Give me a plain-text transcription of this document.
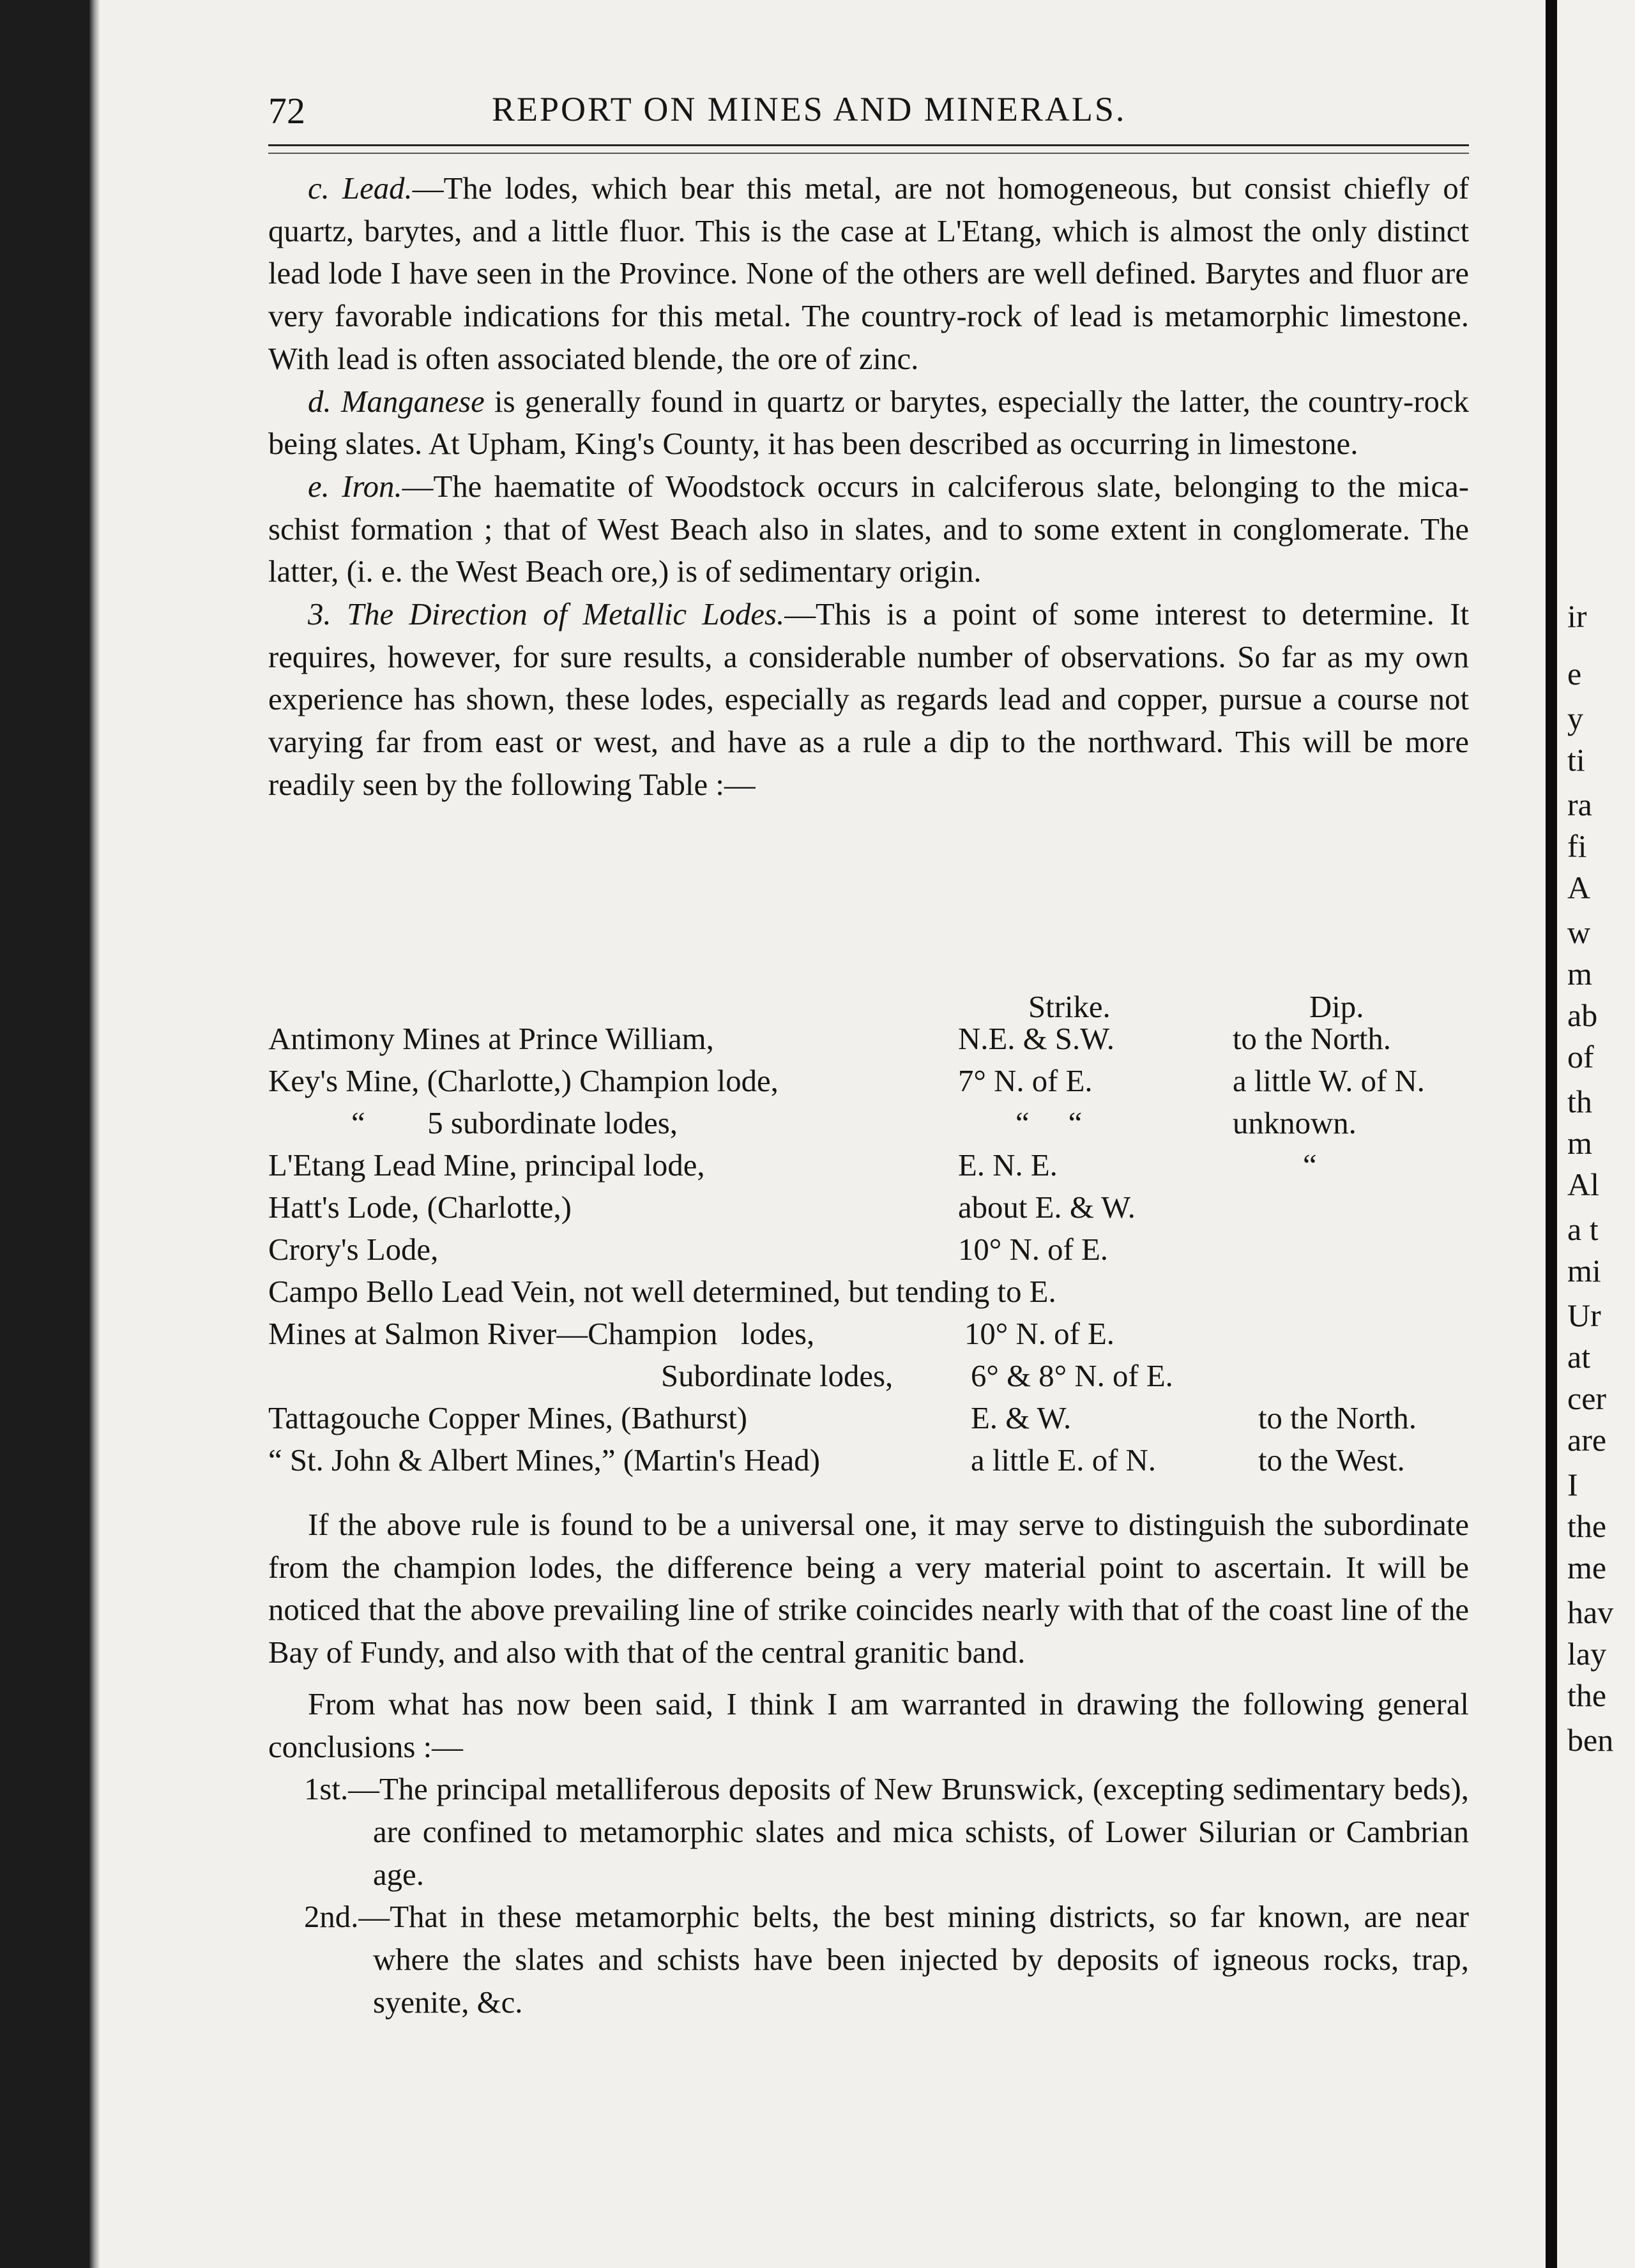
ir
e
y
ti
ra
fi
A
w
m
ab
of
th
m
Al
a t
mi
Ur
at
cer
are
I
the
me
hav
lay
the
ben
72	REPORT ON MINES AND MINERALS.

c. Lead.—The lodes, which bear this metal, are not homogeneous, but consist chiefly of quartz, barytes, and a little fluor. This is the case at L'Etang, which is almost the only distinct lead lode I have seen in the Province. None of the others are well defined. Barytes and fluor are very favorable indications for this metal. The country-rock of lead is metamorphic limestone. With lead is often associated blende, the ore of zinc.

d. Manganese is generally found in quartz or barytes, especially the latter, the country-rock being slates. At Upham, King's County, it has been described as occurring in limestone.

e. Iron.—The haematite of Woodstock occurs in calciferous slate, belonging to the mica-schist formation ; that of West Beach also in slates, and to some extent in conglomerate. The latter, (i. e. the West Beach ore,) is of sedimentary origin.

3. The Direction of Metallic Lodes.—This is a point of some interest to determine. It requires, however, for sure results, a considerable number of observations. So far as my own experience has shown, these lodes, especially as regards lead and copper, pursue a course not varying far from east or west, and have as a rule a dip to the northward. This will be more readily seen by the following Table :—

Strike.	Dip.
Antimony Mines at Prince William,	N.E. & S.W.	to the North.
Key's Mine, (Charlotte,) Champion lode,	7° N. of E.	a little W. of N.
“        5 subordinate lodes,	“     “	unknown.
L'Etang Lead Mine, principal lode,	E. N. E.	“
Hatt's Lode, (Charlotte,)	about E. & W.
Crory's Lode,	10° N. of E.
Campo Bello Lead Vein, not well determined, but tending to E.
Mines at Salmon River—Champion   lodes,	10° N. of E.
Subordinate lodes, 6° & 8° N. of E.
Tattagouche Copper Mines, (Bathurst)	E. & W.	to the North.
“ St. John & Albert Mines,” (Martin's Head)	a little E. of N.	to the West.

If the above rule is found to be a universal one, it may serve to distinguish the subordinate from the champion lodes, the difference being a very material point to ascertain. It will be noticed that the above prevailing line of strike coincides nearly with that of the coast line of the Bay of Fundy, and also with that of the central granitic band.

From what has now been said, I think I am warranted in drawing the following general conclusions :—

1st.—The principal metalliferous deposits of New Brunswick, (excepting sedimentary beds), are confined to metamorphic slates and mica schists, of Lower Silurian or Cambrian age.

2nd.—That in these metamorphic belts, the best mining districts, so far known, are near where the slates and schists have been injected by deposits of igneous rocks, trap, syenite, &c.
